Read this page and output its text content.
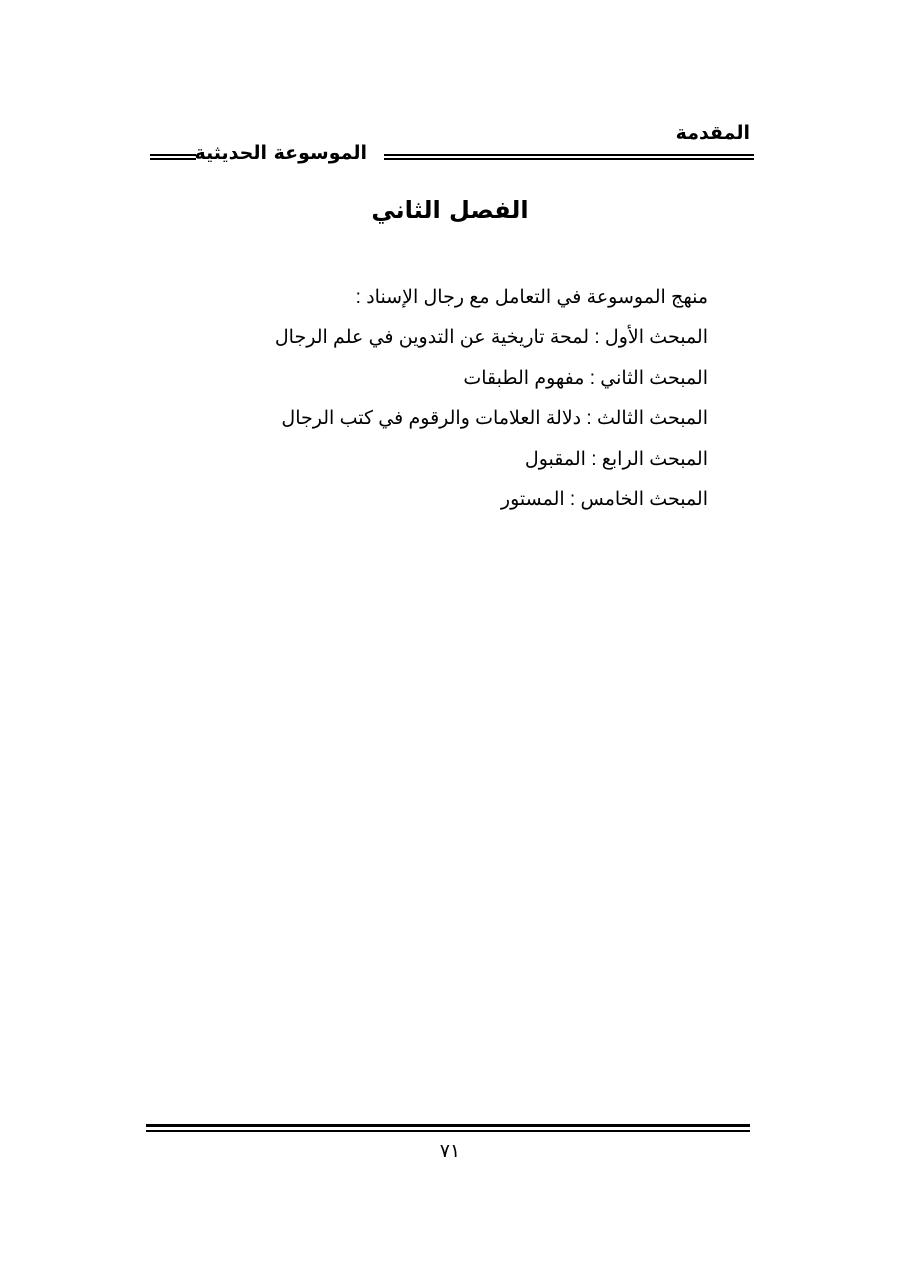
المقدمة
الموسوعة الحديثية
الفصل الثاني
منهج الموسوعة في التعامل مع رجال الإسناد :
المبحث الأول : لمحة تاريخية عن التدوين في علم الرجال
المبحث الثاني : مفهوم الطبقات
المبحث الثالث : دلالة العلامات والرقوم في كتب الرجال
المبحث الرابع : المقبول
المبحث الخامس : المستور
٧١
